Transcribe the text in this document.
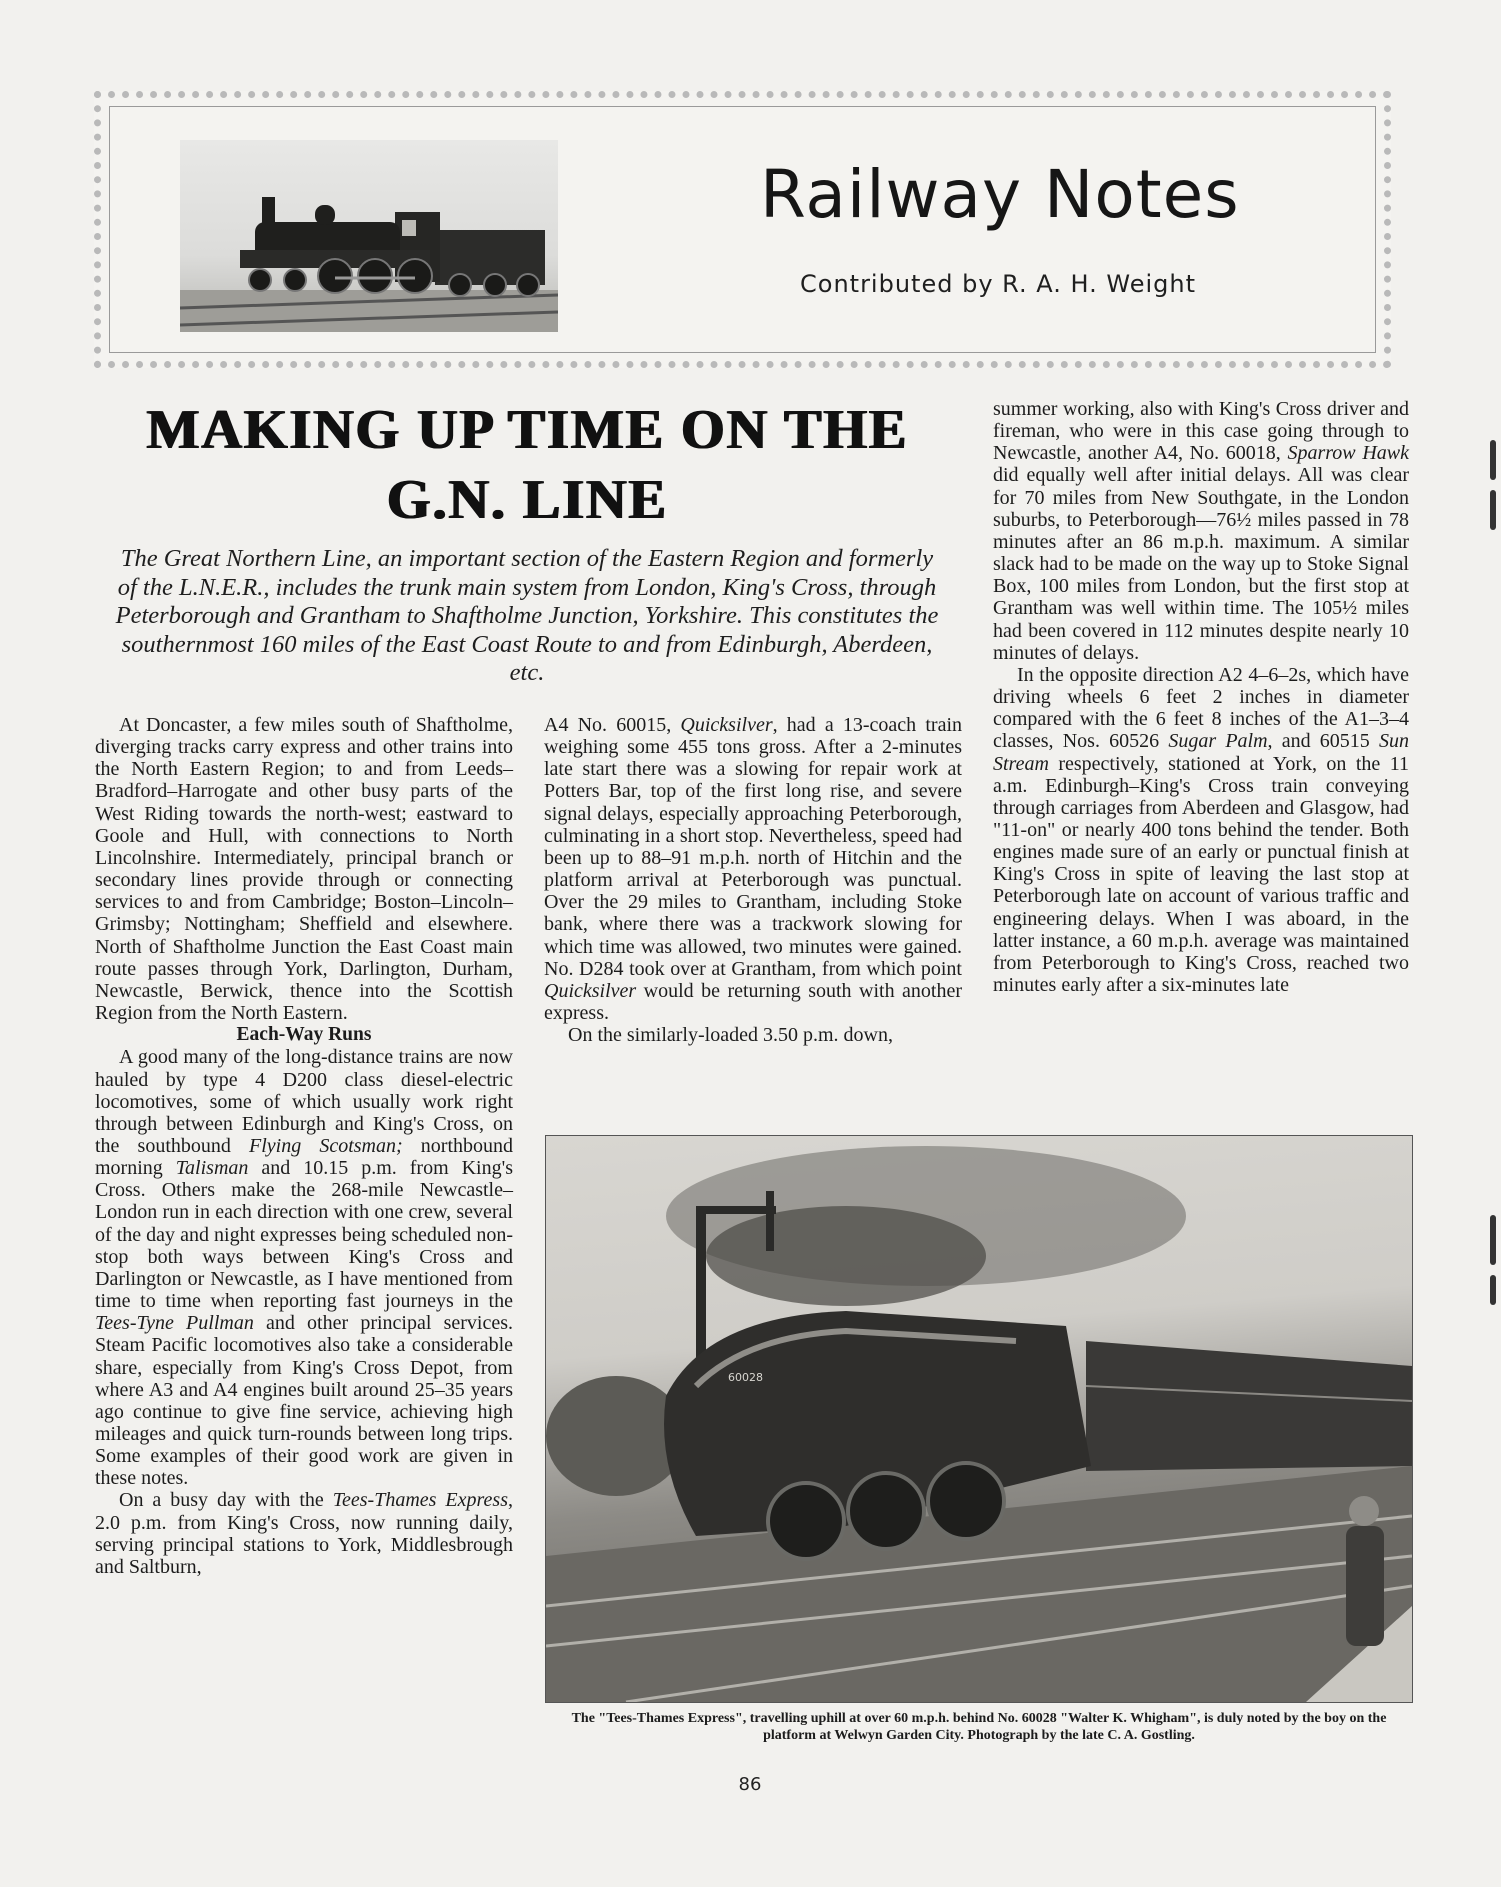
Railway Notes
Contributed by R. A. H. Weight
MAKING UP TIME ON THE
G.N. LINE

The Great Northern Line, an important section of the Eastern Region and formerly of the L.N.E.R., includes the trunk main system from London, King's Cross, through Peterborough and Grantham to Shaftholme Junction, Yorkshire. This constitutes the southernmost 160 miles of the East Coast Route to and from Edinburgh, Aberdeen, etc.

At Doncaster, a few miles south of Shaftholme, diverging tracks carry express and other trains into the North Eastern Region; to and from Leeds–Bradford–Harrogate and other busy parts of the West Riding towards the north-west; eastward to Goole and Hull, with connections to North Lincolnshire. Intermediately, principal branch or secondary lines provide through or connecting services to and from Cambridge; Boston–Lincoln–Grimsby; Nottingham; Sheffield and elsewhere. North of Shaftholme Junction the East Coast main route passes through York, Darlington, Durham, Newcastle, Berwick, thence into the Scottish Region from the North Eastern.

Each-Way Runs

A good many of the long-distance trains are now hauled by type 4 D200 class diesel-electric locomotives, some of which usually work right through between Edinburgh and King's Cross, on the southbound Flying Scotsman; northbound morning Talisman and 10.15 p.m. from King's Cross. Others make the 268-mile Newcastle–London run in each direction with one crew, several of the day and night expresses being scheduled non-stop both ways between King's Cross and Darlington or Newcastle, as I have mentioned from time to time when reporting fast journeys in the Tees-Tyne Pullman and other principal services. Steam Pacific locomotives also take a considerable share, especially from King's Cross Depot, from where A3 and A4 engines built around 25–35 years ago continue to give fine service, achieving high mileages and quick turn-rounds between long trips. Some examples of their good work are given in these notes.

On a busy day with the Tees-Thames Express, 2.0 p.m. from King's Cross, now running daily, serving principal stations to York, Middlesbrough and Saltburn,

A4 No. 60015, Quicksilver, had a 13-coach train weighing some 455 tons gross. After a 2-minutes late start there was a slowing for repair work at Potters Bar, top of the first long rise, and severe signal delays, especially approaching Peterborough, culminating in a short stop. Nevertheless, speed had been up to 88–91 m.p.h. north of Hitchin and the platform arrival at Peterborough was punctual. Over the 29 miles to Grantham, including Stoke bank, where there was a trackwork slowing for which time was allowed, two minutes were gained. No. D284 took over at Grantham, from which point Quicksilver would be returning south with another express.

On the similarly-loaded 3.50 p.m. down,

summer working, also with King's Cross driver and fireman, who were in this case going through to Newcastle, another A4, No. 60018, Sparrow Hawk did equally well after initial delays. All was clear for 70 miles from New Southgate, in the London suburbs, to Peterborough—76½ miles passed in 78 minutes after an 86 m.p.h. maximum. A similar slack had to be made on the way up to Stoke Signal Box, 100 miles from London, but the first stop at Grantham was well within time. The 105½ miles had been covered in 112 minutes despite nearly 10 minutes of delays.

In the opposite direction A2 4–6–2s, which have driving wheels 6 feet 2 inches in diameter compared with the 6 feet 8 inches of the A1–3–4 classes, Nos. 60526 Sugar Palm, and 60515 Sun Stream respectively, stationed at York, on the 11 a.m. Edinburgh–King's Cross train conveying through carriages from Aberdeen and Glasgow, had "11-on" or nearly 400 tons behind the tender. Both engines made sure of an early or punctual finish at King's Cross in spite of leaving the last stop at Peterborough late on account of various traffic and engineering delays. When I was aboard, in the latter instance, a 60 m.p.h. average was maintained from Peterborough to King's Cross, reached two minutes early after a six-minutes late

60028
The "Tees-Thames Express", travelling uphill at over 60 m.p.h. behind No. 60028 "Walter K. Whigham", is duly noted by the boy on the platform at Welwyn Garden City. Photograph by the late C. A. Gostling.
86
